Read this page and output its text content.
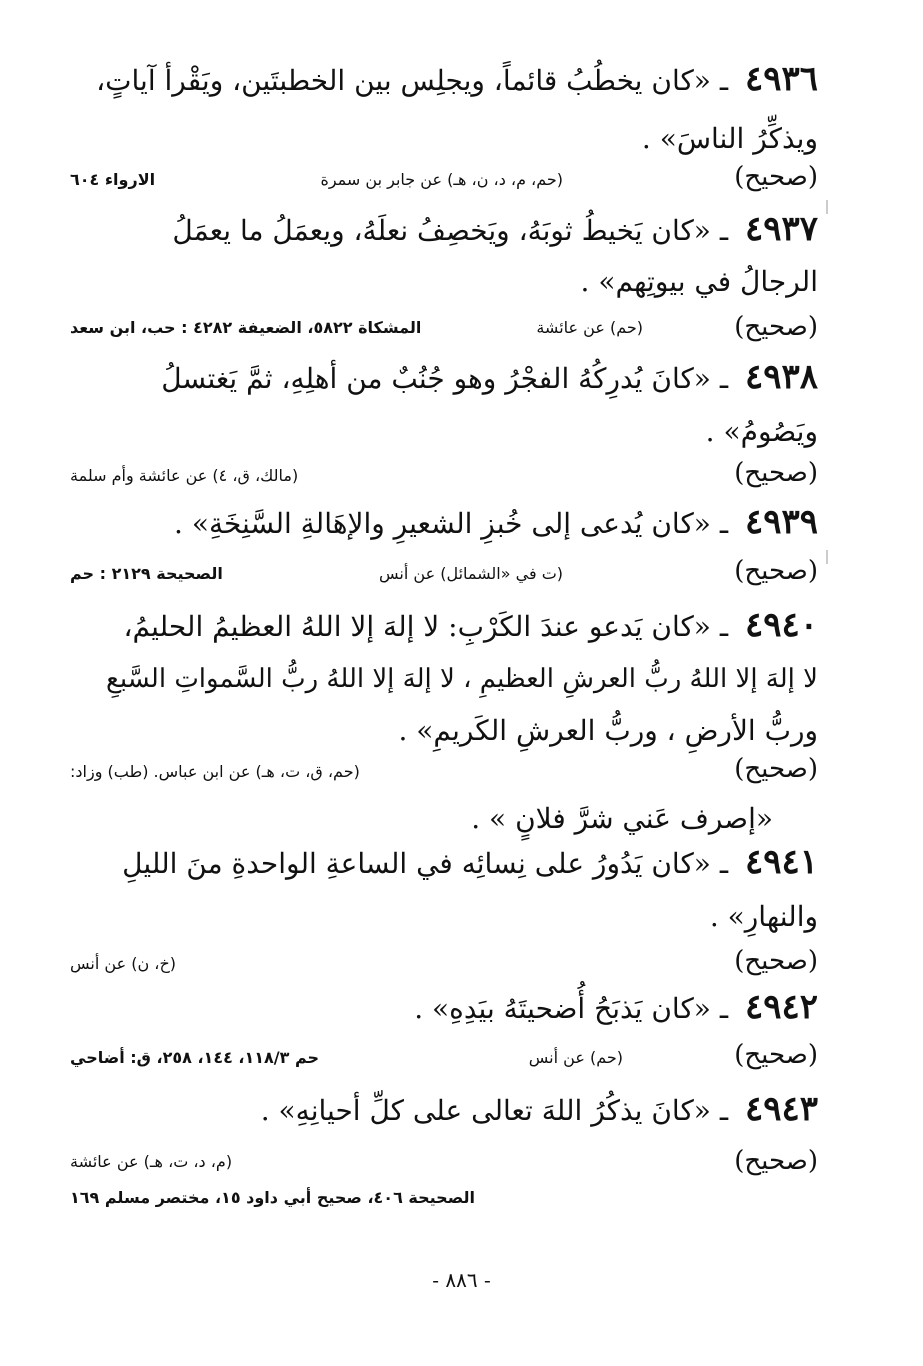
٤٩٣٦ ـ «كان يخطُبُ قائماً، ويجلِس بين الخطبتَين، ويَقْرأ آياتٍ،
ويذكِّرُ الناسَ» .
(صحيح)
(حم، م، د، ن، هـ) عن جابر بن سمرة
الارواء ٦٠٤
٤٩٣٧ ـ «كان يَخيطُ ثوبَهُ، ويَخصِفُ نعلَهُ، ويعمَلُ ما يعمَلُ
الرجالُ في بيوتِهم» .
(صحيح)
(حم) عن عائشة
المشكاة ٥٨٢٢، الضعيفة ٤٢٨٢ : حب، ابن سعد
٤٩٣٨ ـ «كانَ يُدرِكُهُ الفجْرُ وهو جُنُبٌ من أهلِهِ، ثمَّ يَغتسلُ
ويَصُومُ» .
(صحيح)
(مالك، ق، ٤) عن عائشة وأم سلمة
٤٩٣٩ ـ «كان يُدعى إلى خُبزِ الشعيرِ والإهَالةِ السَّنِخَةِ» .
(صحيح)
(ت في «الشمائل) عن أنس
الصحيحة ٢١٢٩ : حم
٤٩٤٠ ـ «كان يَدعو عندَ الكَرْبِ: لا إلهَ إلا اللهُ العظيمُ الحليمُ،
لا إلهَ إلا اللهُ ربُّ العرشِ العظيمِ ، لا إلهَ إلا اللهُ ربُّ السَّمواتِ السَّبعِ
وربُّ الأرضِ ، وربُّ العرشِ الكَريمِ» .
(صحيح)
(حم، ق، ت، هـ) عن ابن عباس. (طب) وزاد:
«إصرف عَني شرَّ فلانٍ » .
٤٩٤١ ـ «كان يَدُورُ على نِسائِه في الساعةِ الواحدةِ منَ الليلِ
والنهارِ» .
(صحيح)
(خ، ن) عن أنس
٤٩٤٢ ـ «كان يَذبَحُ أُضحيتَهُ بيَدِهِ» .
(صحيح)
(حم) عن أنس
حم ١١٨/٣، ١٤٤، ٢٥٨، ق: أضاحي
٤٩٤٣ ـ «كانَ يذكُرُ اللهَ تعالى على كلِّ أحيانِهِ» .
(صحيح)
(م، د، ت، هـ) عن عائشة
الصحيحة ٤٠٦، صحيح أبي داود ١٥، مختصر مسلم ١٦٩
- ٨٨٦ -
